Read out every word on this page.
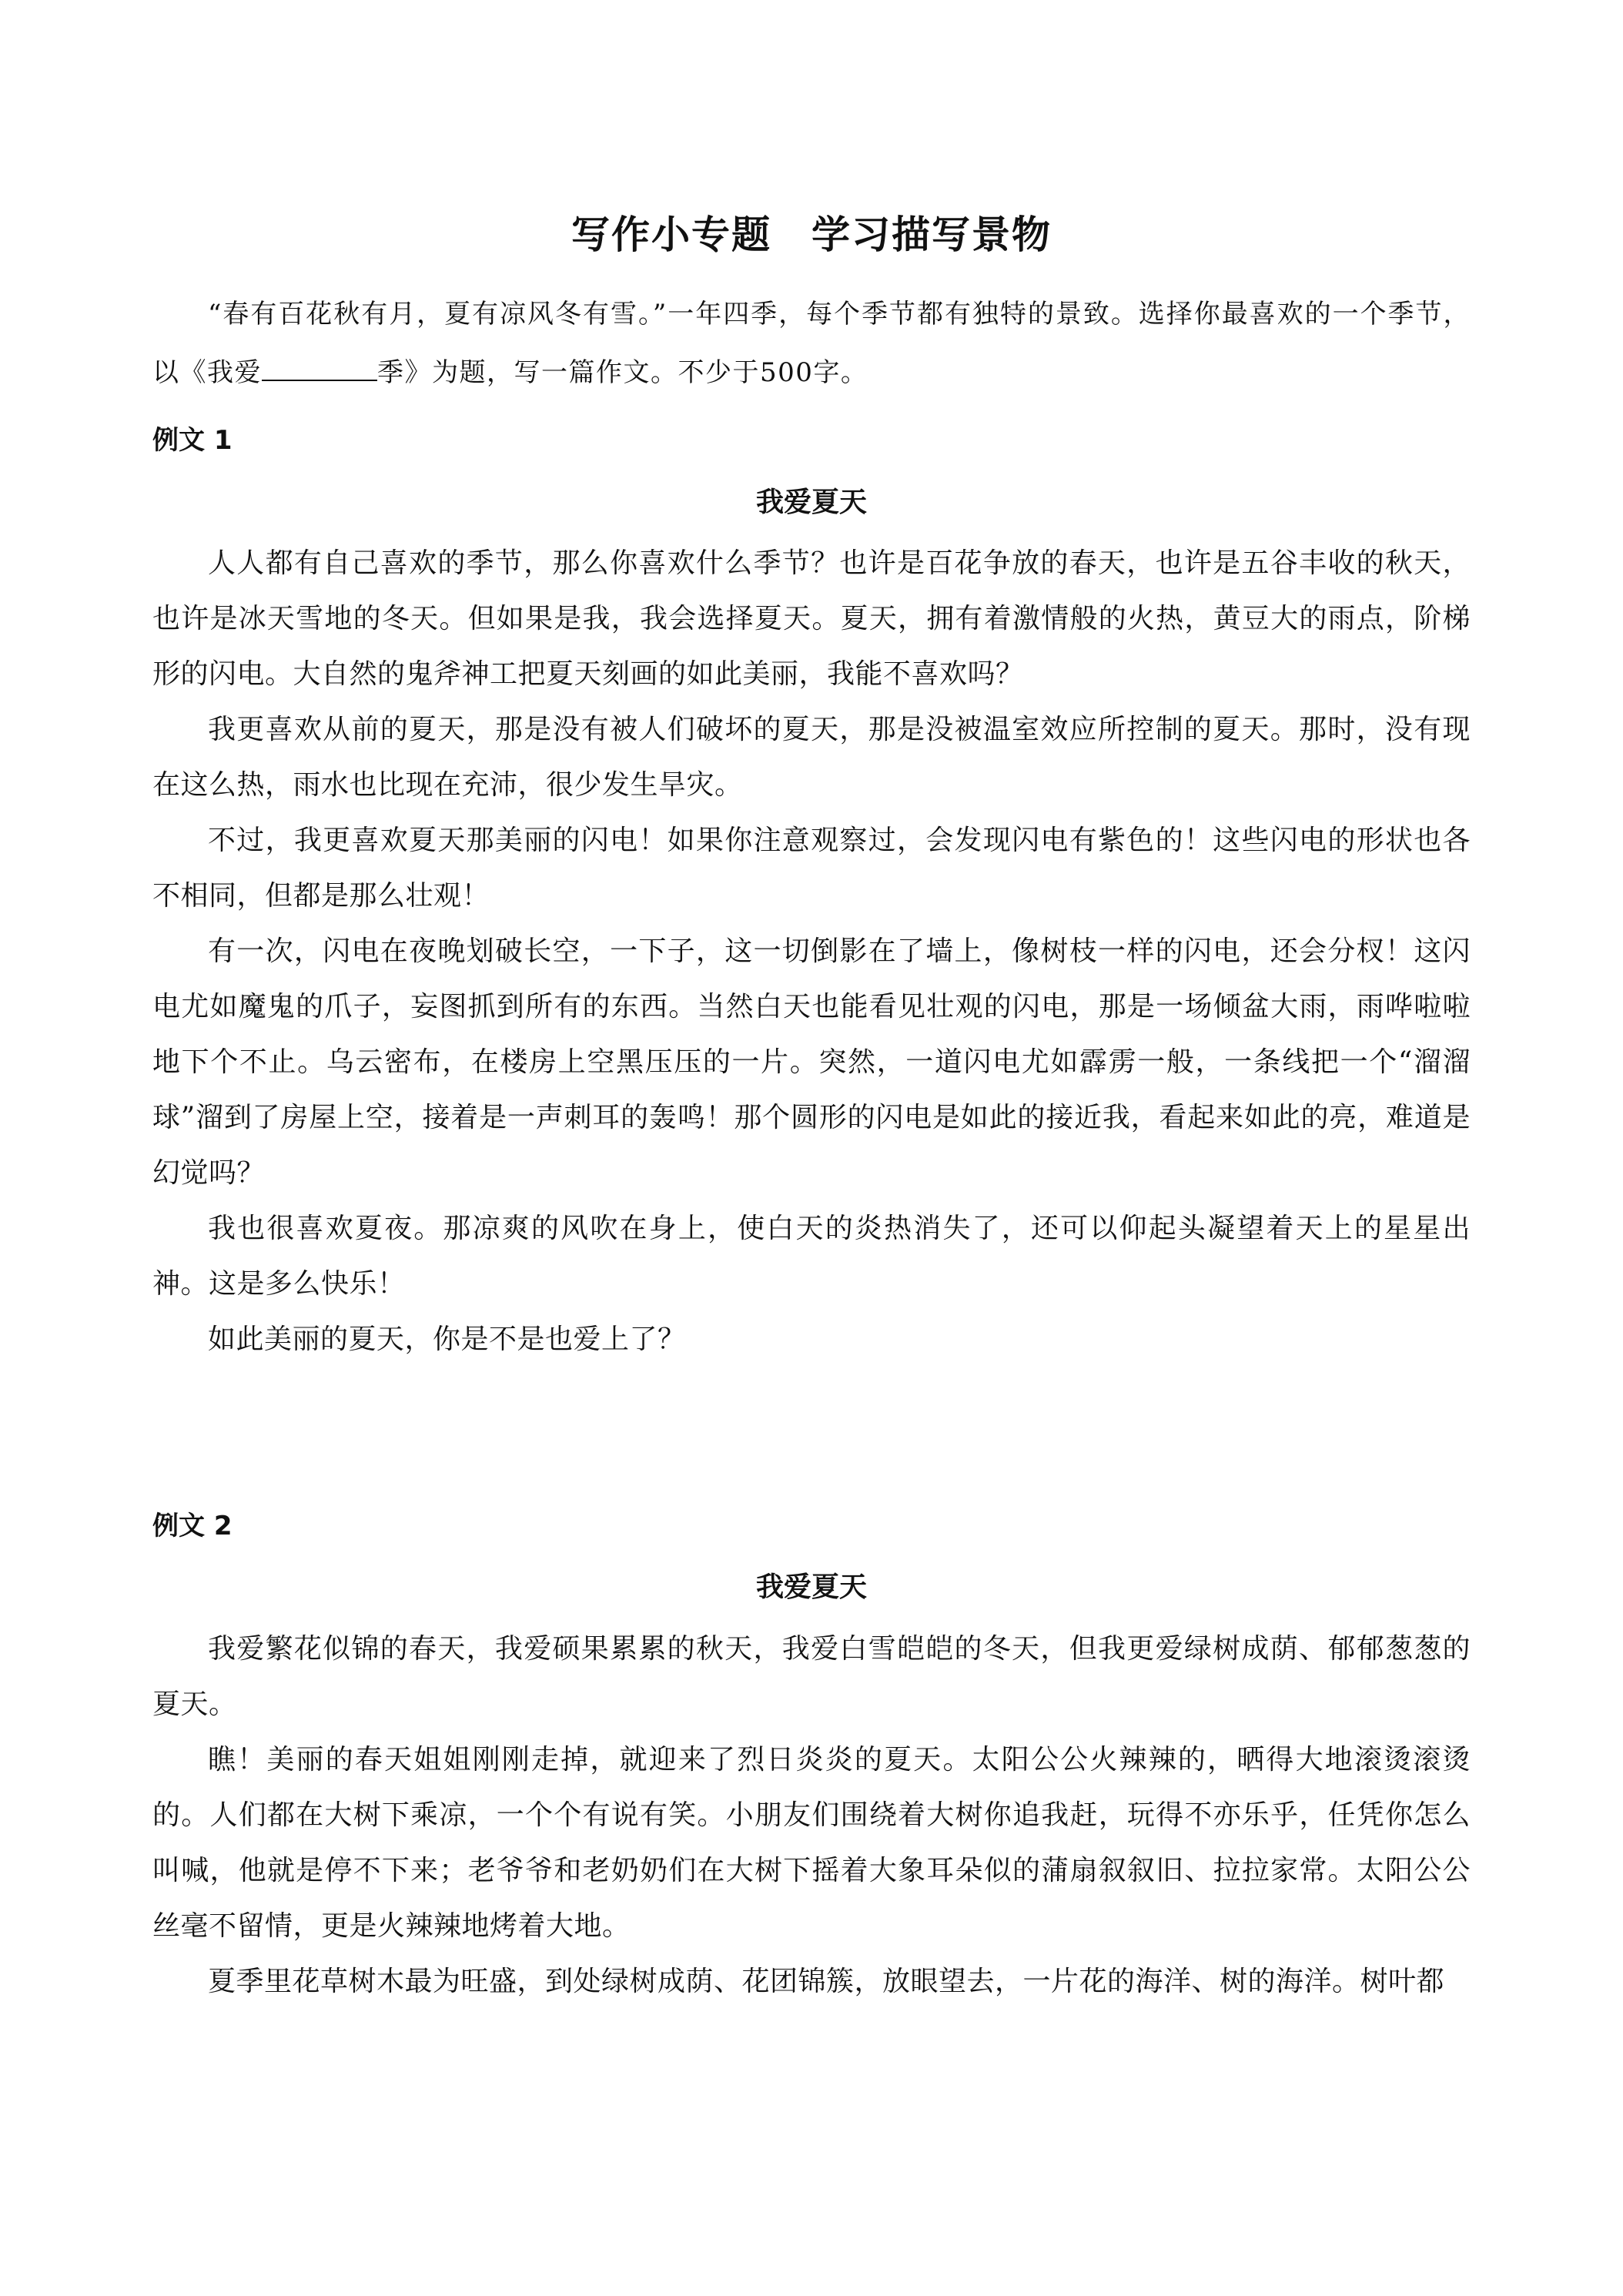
写作小专题　学习描写景物

“春有百花秋有月，夏有凉风冬有雪。”一年四季，每个季节都有独特的景致。选择你最喜欢的一个季节，以《我爱	季》为题，写一篇作文。不少于500字。

例文 1
我爱夏天

人人都有自己喜欢的季节，那么你喜欢什么季节？也许是百花争放的春天，也许是五谷丰收的秋天，也许是冰天雪地的冬天。但如果是我，我会选择夏天。夏天，拥有着激情般的火热，黄豆大的雨点，阶梯形的闪电。大自然的鬼斧神工把夏天刻画的如此美丽，我能不喜欢吗？

我更喜欢从前的夏天，那是没有被人们破坏的夏天，那是没被温室效应所控制的夏天。那时，没有现在这么热，雨水也比现在充沛，很少发生旱灾。

不过，我更喜欢夏天那美丽的闪电！如果你注意观察过，会发现闪电有紫色的！这些闪电的形状也各不相同，但都是那么壮观！

有一次，闪电在夜晚划破长空，一下子，这一切倒影在了墙上，像树枝一样的闪电，还会分杈！这闪电尤如魔鬼的爪子，妄图抓到所有的东西。当然白天也能看见壮观的闪电，那是一场倾盆大雨，雨哗啦啦地下个不止。乌云密布，在楼房上空黑压压的一片。突然，一道闪电尤如霹雳一般，一条线把一个“溜溜球”溜到了房屋上空，接着是一声刺耳的轰鸣！那个圆形的闪电是如此的接近我，看起来如此的亮，难道是幻觉吗？

我也很喜欢夏夜。那凉爽的风吹在身上，使白天的炎热消失了，还可以仰起头凝望着天上的星星出神。这是多么快乐！

如此美丽的夏天，你是不是也爱上了？

例文 2
我爱夏天

我爱繁花似锦的春天，我爱硕果累累的秋天，我爱白雪皑皑的冬天，但我更爱绿树成荫、郁郁葱葱的夏天。

瞧！美丽的春天姐姐刚刚走掉，就迎来了烈日炎炎的夏天。太阳公公火辣辣的，晒得大地滚烫滚烫的。人们都在大树下乘凉，一个个有说有笑。小朋友们围绕着大树你追我赶，玩得不亦乐乎，任凭你怎么叫喊，他就是停不下来；老爷爷和老奶奶们在大树下摇着大象耳朵似的蒲扇叙叙旧、拉拉家常。太阳公公丝毫不留情，更是火辣辣地烤着大地。

夏季里花草树木最为旺盛，到处绿树成荫、花团锦簇，放眼望去，一片花的海洋、树的海洋。树叶都
